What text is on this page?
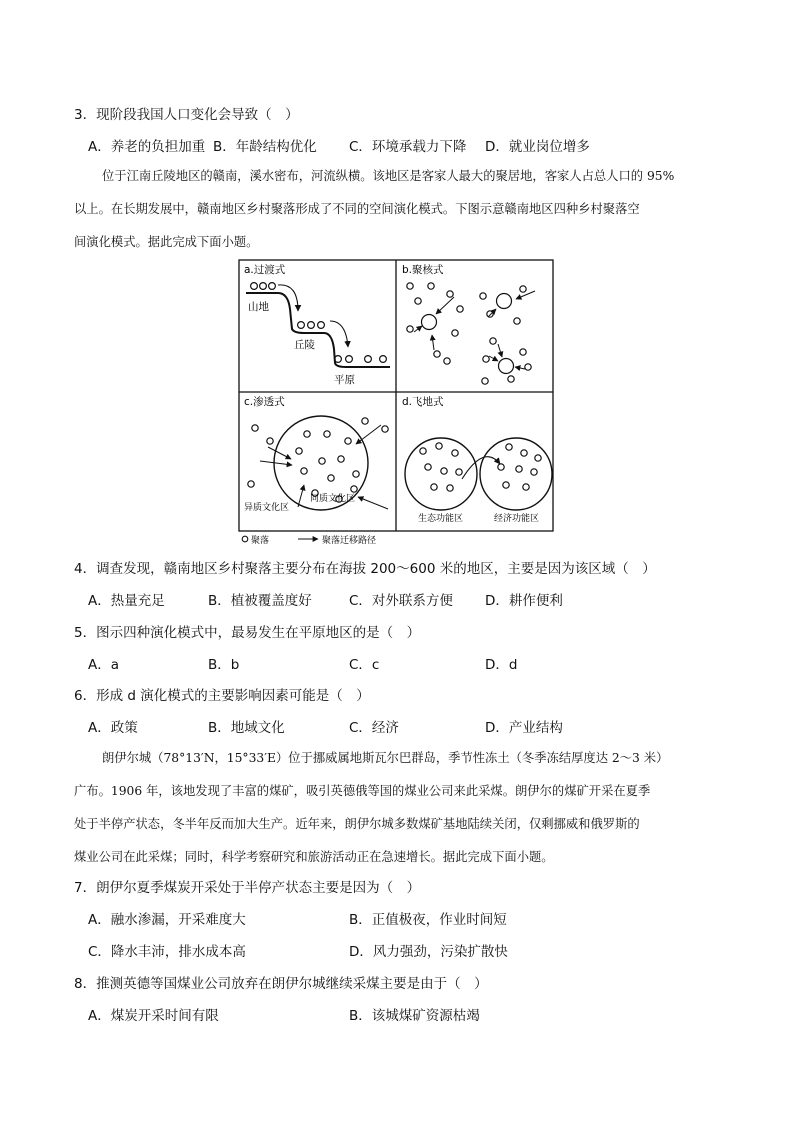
3．现阶段我国人口变化会导致（　）
A．养老的负担加重 B．年龄结构优化 C．环境承载力下降 D．就业岗位增多
位于江南丘陵地区的赣南，溪水密布，河流纵横。该地区是客家人最大的聚居地，客家人占总人口的 95%
以上。在长期发展中，赣南地区乡村聚落形成了不同的空间演化模式。下图示意赣南地区四种乡村聚落空
间演化模式。据此完成下面小题。
a.过渡式
山地
丘陵
平原
b.聚核式
c.渗透式
同质文化区
异质文化区
d.飞地式
生态功能区	经济功能区
聚落	聚落迁移路径
4．调查发现，赣南地区乡村聚落主要分布在海拔 200～600 米的地区，主要是因为该区域（　）
A．热量充足	B．植被覆盖度好	C．对外联系方便 D．耕作便利
5．图示四种演化模式中，最易发生在平原地区的是（　）
A．a	B．b	C．c	D．d
6．形成 d 演化模式的主要影响因素可能是（　）
A．政策	B．地域文化	C．经济	D．产业结构
朗伊尔城（78°13′N，15°33′E）位于挪威属地斯瓦尔巴群岛，季节性冻土（冬季冻结厚度达 2～3 米）
广布。1906 年，该地发现了丰富的煤矿，吸引英德俄等国的煤业公司来此采煤。朗伊尔的煤矿开采在夏季
处于半停产状态，冬半年反而加大生产。近年来，朗伊尔城多数煤矿基地陆续关闭，仅剩挪威和俄罗斯的
煤业公司在此采煤；同时，科学考察研究和旅游活动正在急速增长。据此完成下面小题。
7．朗伊尔夏季煤炭开采处于半停产状态主要是因为（　）
A．融水渗漏，开采难度大	B．正值极夜，作业时间短
C．降水丰沛，排水成本高	D．风力强劲，污染扩散快
8．推测英德等国煤业公司放弃在朗伊尔城继续采煤主要是由于（　）
A．煤炭开采时间有限	B．该城煤矿资源枯竭
